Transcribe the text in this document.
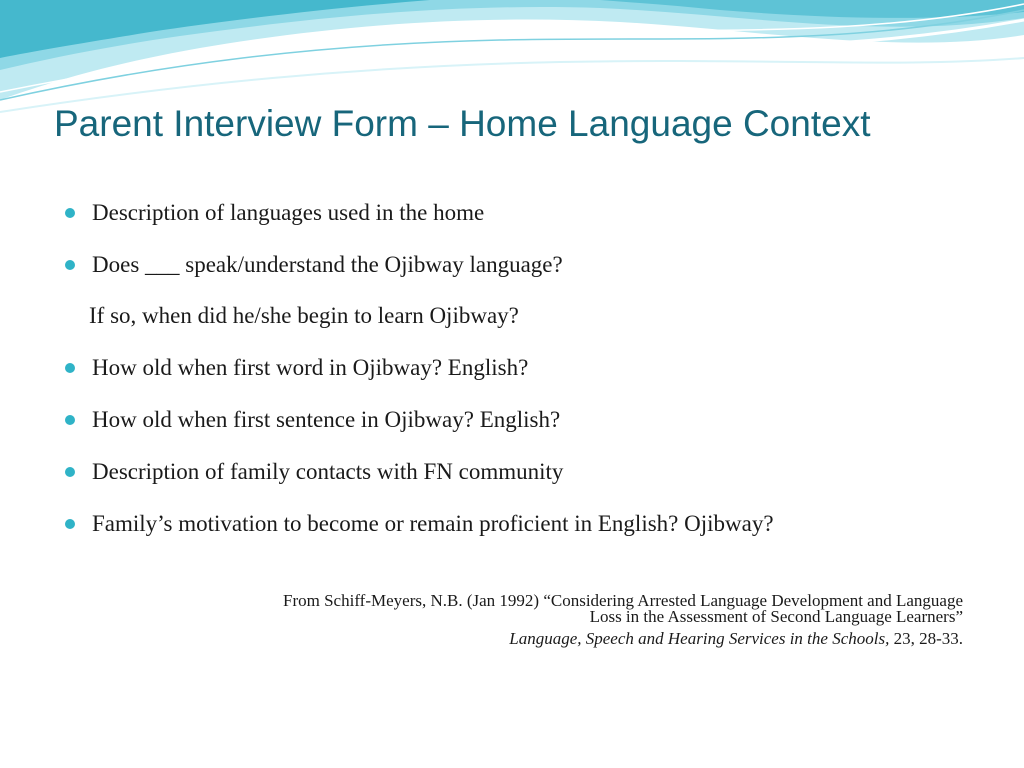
Parent Interview Form – Home Language Context
Description of languages used in the home
Does ___ speak/understand the Ojibway language?
How old when first word in Ojibway? English?
How old when first sentence in Ojibway? English?
Description of family contacts with FN community
Family’s motivation to become or remain proficient in English? Ojibway?
If so, when did he/she begin to learn Ojibway?
From Schiff-Meyers, N.B. (Jan 1992) “Considering Arrested Language Development and Language
Loss in the Assessment of Second Language Learners”
Language, Speech and Hearing Services in the Schools, 23, 28-33.
